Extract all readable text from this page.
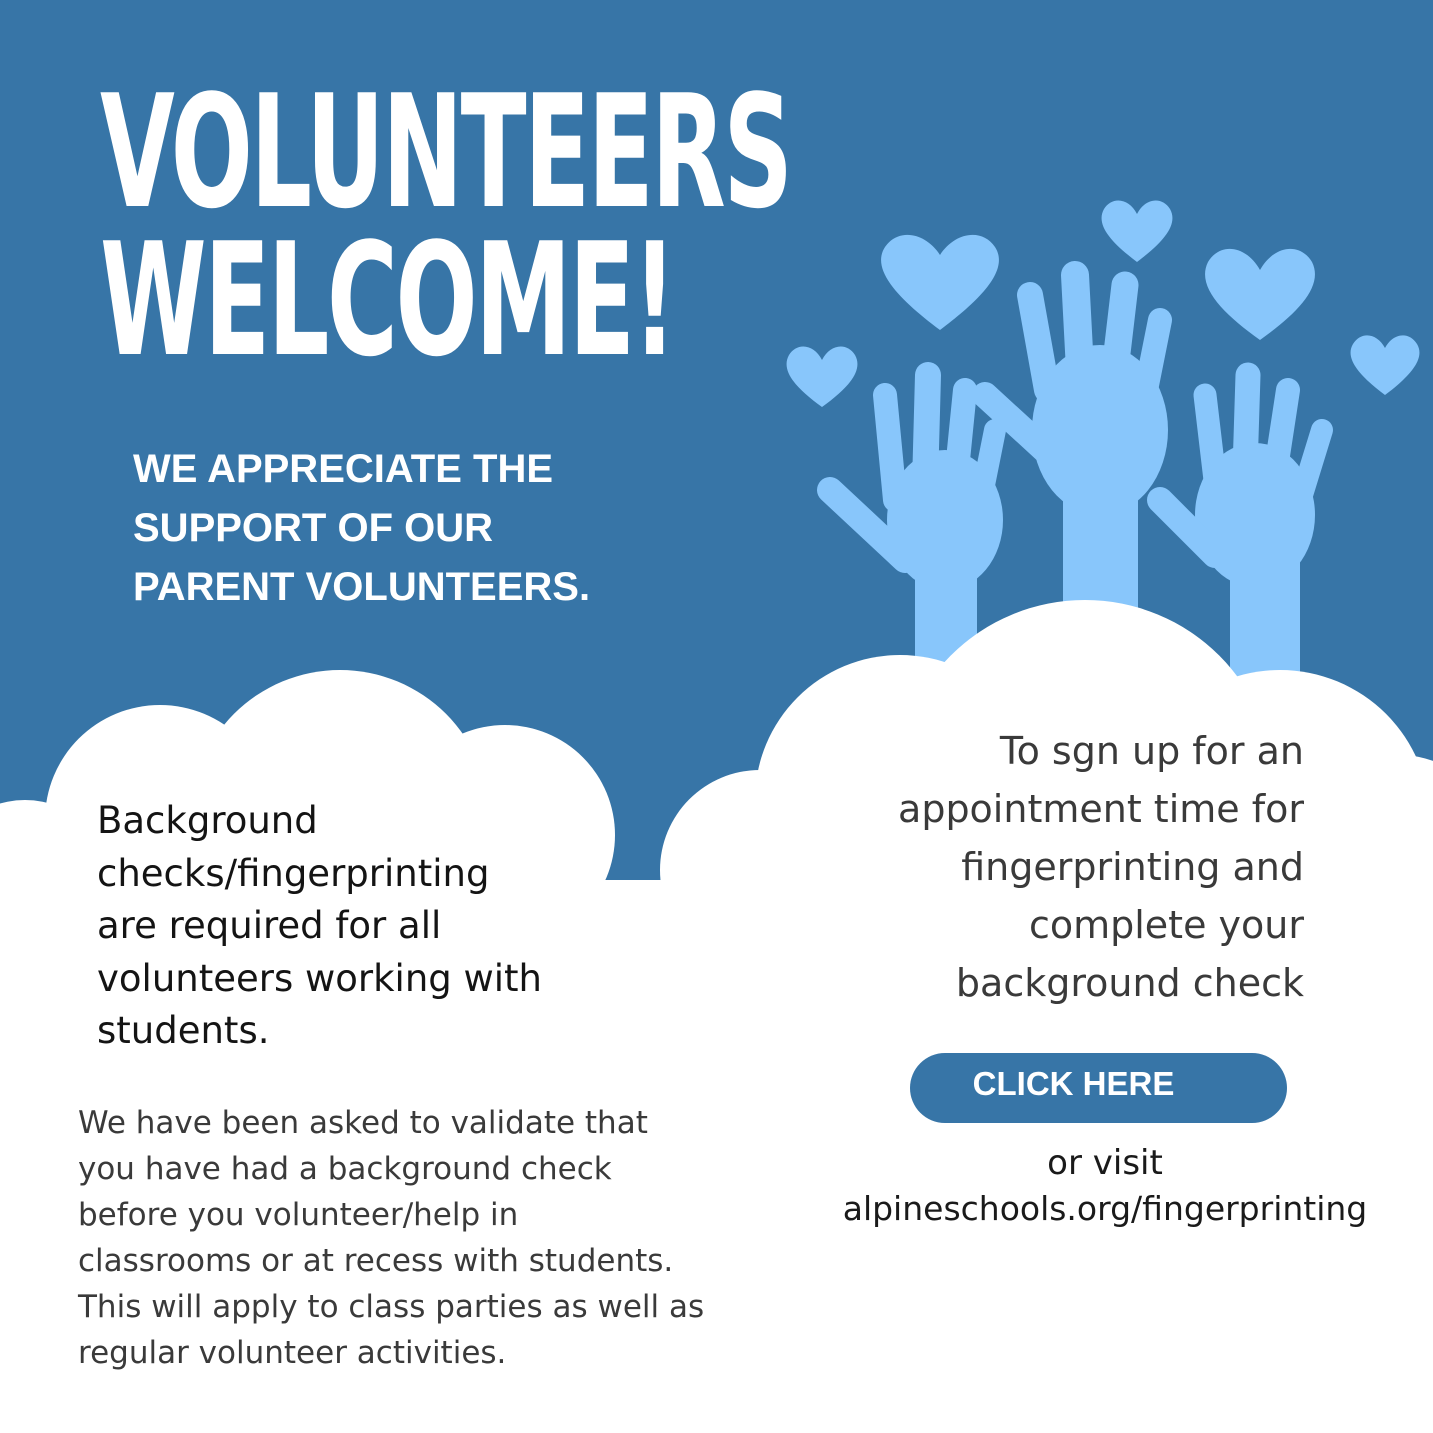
VOLUNTEERS
WELCOME!
WE APPRECIATE THE
SUPPORT OF OUR
PARENT VOLUNTEERS.

Background
checks/fingerprinting
are required for all
volunteers working with
students.

We have been asked to validate that
you have had a background check
before you volunteer/help in
classrooms or at recess with students.
This will apply to class parties as well as
regular volunteer activities.

To sgn up for an
appointment time for
fingerprinting and
complete your
background check

CLICK HERE

or visit
alpineschools.org/fingerprinting
